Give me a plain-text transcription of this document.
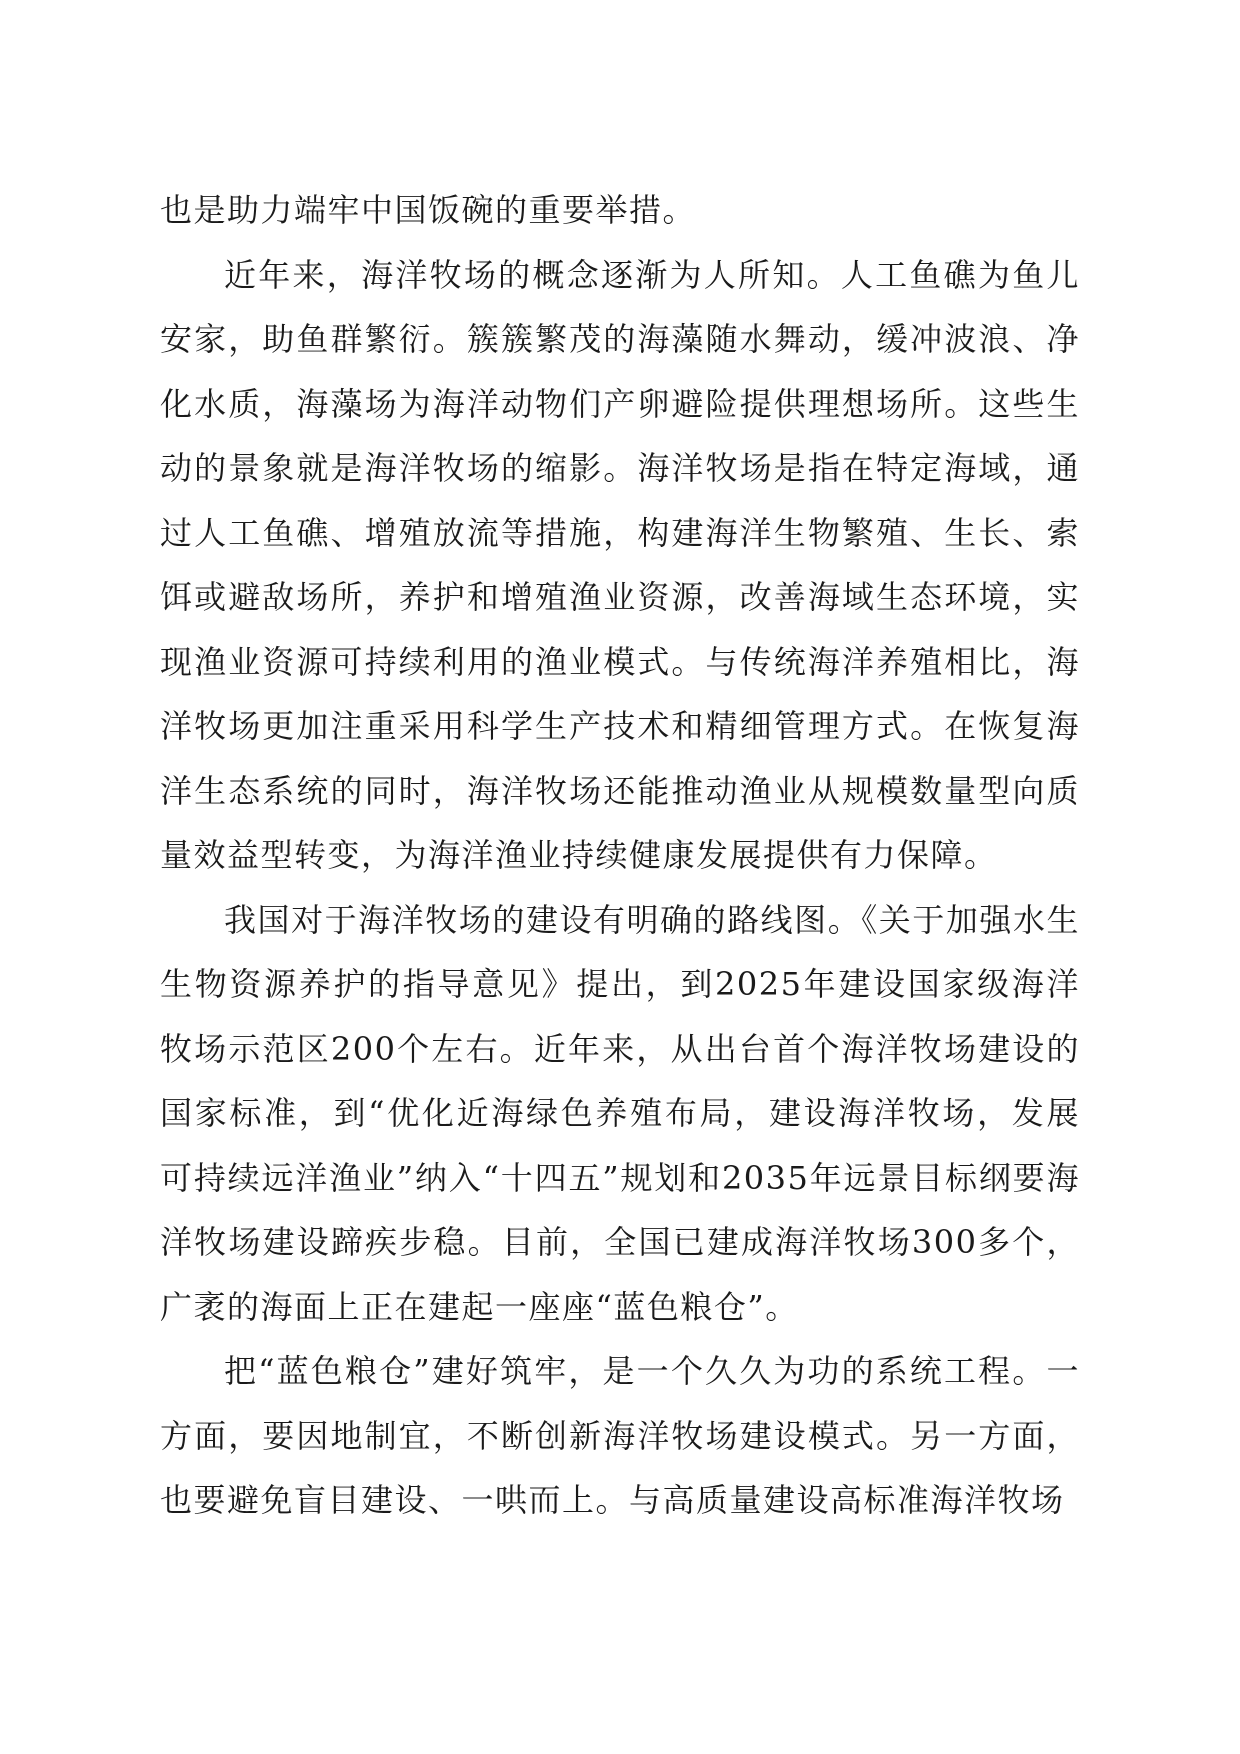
也是助力端牢中国饭碗的重要举措。

近年来，海洋牧场的概念逐渐为人所知。人工鱼礁为鱼儿安家，助鱼群繁衍。簇簇繁茂的海藻随水舞动，缓冲波浪、净化水质，海藻场为海洋动物们产卵避险提供理想场所。这些生动的景象就是海洋牧场的缩影。海洋牧场是指在特定海域，通过人工鱼礁、增殖放流等措施，构建海洋生物繁殖、生长、索饵或避敌场所，养护和增殖渔业资源，改善海域生态环境，实现渔业资源可持续利用的渔业模式。与传统海洋养殖相比，海洋牧场更加注重采用科学生产技术和精细管理方式。在恢复海洋生态系统的同时，海洋牧场还能推动渔业从规模数量型向质量效益型转变，为海洋渔业持续健康发展提供有力保障。

我国对于海洋牧场的建设有明确的路线图。《关于加强水生生物资源养护的指导意见》提出，到2025年建设国家级海洋牧场示范区200个左右。近年来，从出台首个海洋牧场建设的国家标准，到“优化近海绿色养殖布局，建设海洋牧场，发展可持续远洋渔业”纳入“十四五”规划和2035年远景目标纲要海洋牧场建设蹄疾步稳。目前，全国已建成海洋牧场300多个，广袤的海面上正在建起一座座“蓝色粮仓”。

把“蓝色粮仓”建好筑牢，是一个久久为功的系统工程。一方面，要因地制宜，不断创新海洋牧场建设模式。另一方面，也要避免盲目建设、一哄而上。与高质量建设高标准海洋牧场
